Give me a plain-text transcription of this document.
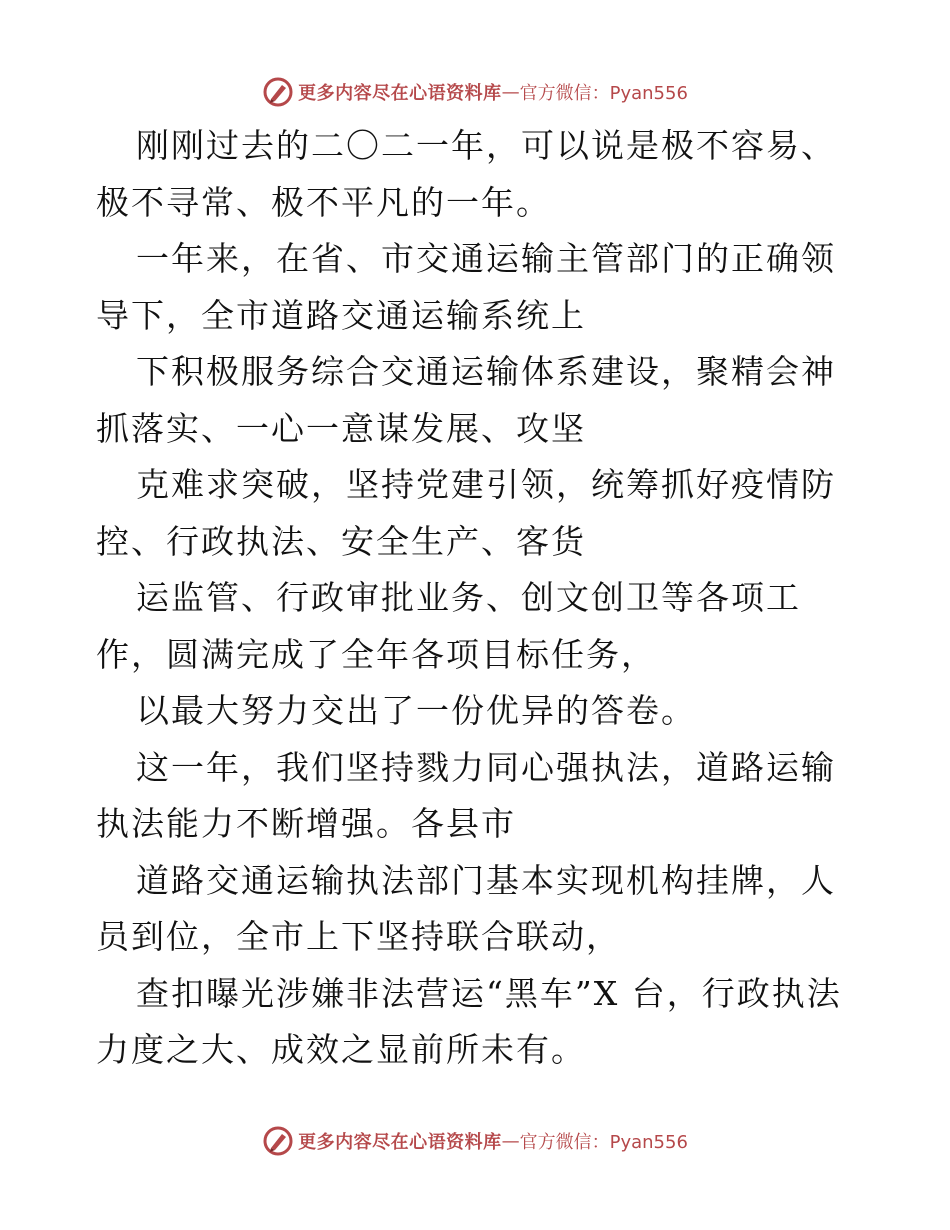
更多内容尽在心语资料库 — 官方微信：Pyan556

刚刚过去的二〇二一年，可以说是极不容易、极不寻常、极不平凡的一年。

一年来，在省、市交通运输主管部门的正确领导下，全市道路交通运输系统上

下积极服务综合交通运输体系建设，聚精会神抓落实、一心一意谋发展、攻坚

克难求突破，坚持党建引领，统筹抓好疫情防控、行政执法、安全生产、客货

运监管、行政审批业务、创文创卫等各项工作，圆满完成了全年各项目标任务，

以最大努力交出了一份优异的答卷。

这一年，我们坚持戮力同心强执法，道路运输执法能力不断增强。各县市

道路交通运输执法部门基本实现机构挂牌，人员到位，全市上下坚持联合联动，

查扣曝光涉嫌非法营运“黑车”X 台，行政执法力度之大、成效之显前所未有。

更多内容尽在心语资料库 — 官方微信：Pyan556
